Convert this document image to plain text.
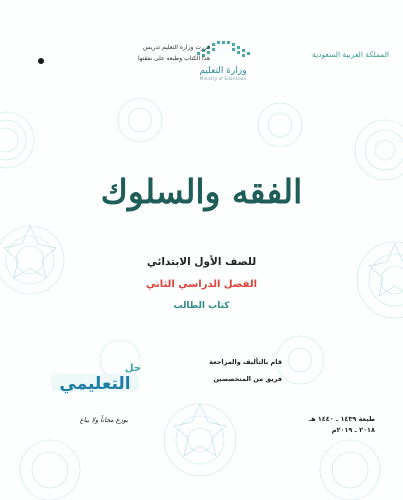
المملكة العربية السعودية
وزارة التعليم
Ministry of Education
قررت وزارة التعليم تدريس
هذا الكتاب وطبعه على نفقتها
الفقه والسلوك
للصف الأول الابتدائي
الفصل الدراسي الثاني
كتاب الطالب
قام بالتأليف والمراجعة
فريق من المتخصصين
التعليمي
حل
طبعة ١٤٣٩ ـ ١٤٤٠ هـ
٢٠١٨ ـ ٢٠١٩م
يوزع مجاناً ولا يباع
